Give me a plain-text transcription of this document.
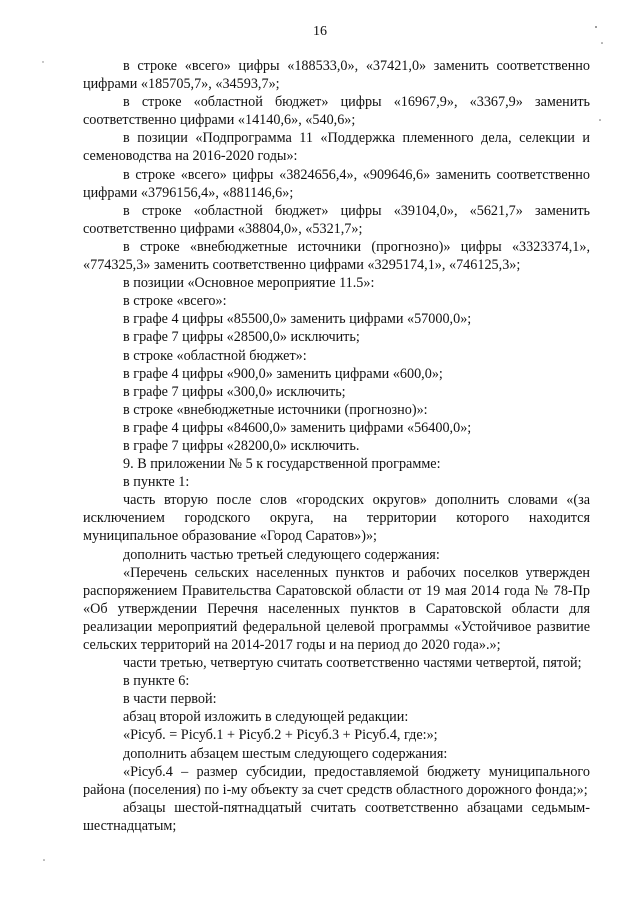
16

в строке «всего» цифры «188533,0», «37421,0» заменить соответственно цифрами «185705,7», «34593,7»;

в строке «областной бюджет» цифры «16967,9», «3367,9» заменить соответственно цифрами «14140,6», «540,6»;

в позиции «Подпрограмма 11 «Поддержка племенного дела, селекции и семеноводства на 2016-2020 годы»:

в строке «всего» цифры «3824656,4», «909646,6» заменить соответственно цифрами «3796156,4», «881146,6»;

в строке «областной бюджет» цифры «39104,0», «5621,7» заменить соответственно цифрами «38804,0», «5321,7»;

в строке «внебюджетные источники (прогнозно)» цифры «3323374,1», «774325,3» заменить соответственно цифрами «3295174,1», «746125,3»;

в позиции «Основное мероприятие 11.5»:

в строке «всего»:

в графе 4 цифры «85500,0» заменить цифрами «57000,0»;

в графе 7 цифры «28500,0» исключить;

в строке «областной бюджет»:

в графе 4 цифры «900,0» заменить цифрами «600,0»;

в графе 7 цифры «300,0» исключить;

в строке «внебюджетные источники (прогнозно)»:

в графе 4 цифры «84600,0» заменить цифрами «56400,0»;

в графе 7 цифры «28200,0» исключить.

9. В приложении № 5 к государственной программе:

в пункте 1:

часть вторую после слов «городских округов» дополнить словами «(за исключением городского округа, на территории которого находится муниципальное образование «Город Саратов»)»;

дополнить частью третьей следующего содержания:

«Перечень сельских населенных пунктов и рабочих поселков утвержден распоряжением Правительства Саратовской области от 19 мая 2014 года № 78-Пр «Об утверждении Перечня населенных пунктов в Саратовской области для реализации мероприятий федеральной целевой программы «Устойчивое развитие сельских территорий на 2014-2017 годы и на период до 2020 года».»;

части третью, четвертую считать соответственно частями четвертой, пятой;

в пункте 6:

в части первой:

абзац второй изложить в следующей редакции:

«Pісуб. = Pісуб.1 + Pісуб.2 + Pісуб.3 + Pісуб.4, где:»;

дополнить абзацем шестым следующего содержания:

«Pісуб.4 – размер субсидии, предоставляемой бюджету муниципального района (поселения) по i-му объекту за счет средств областного дорожного фонда;»;

абзацы шестой-пятнадцатый считать соответственно абзацами седьмым-шестнадцатым;
